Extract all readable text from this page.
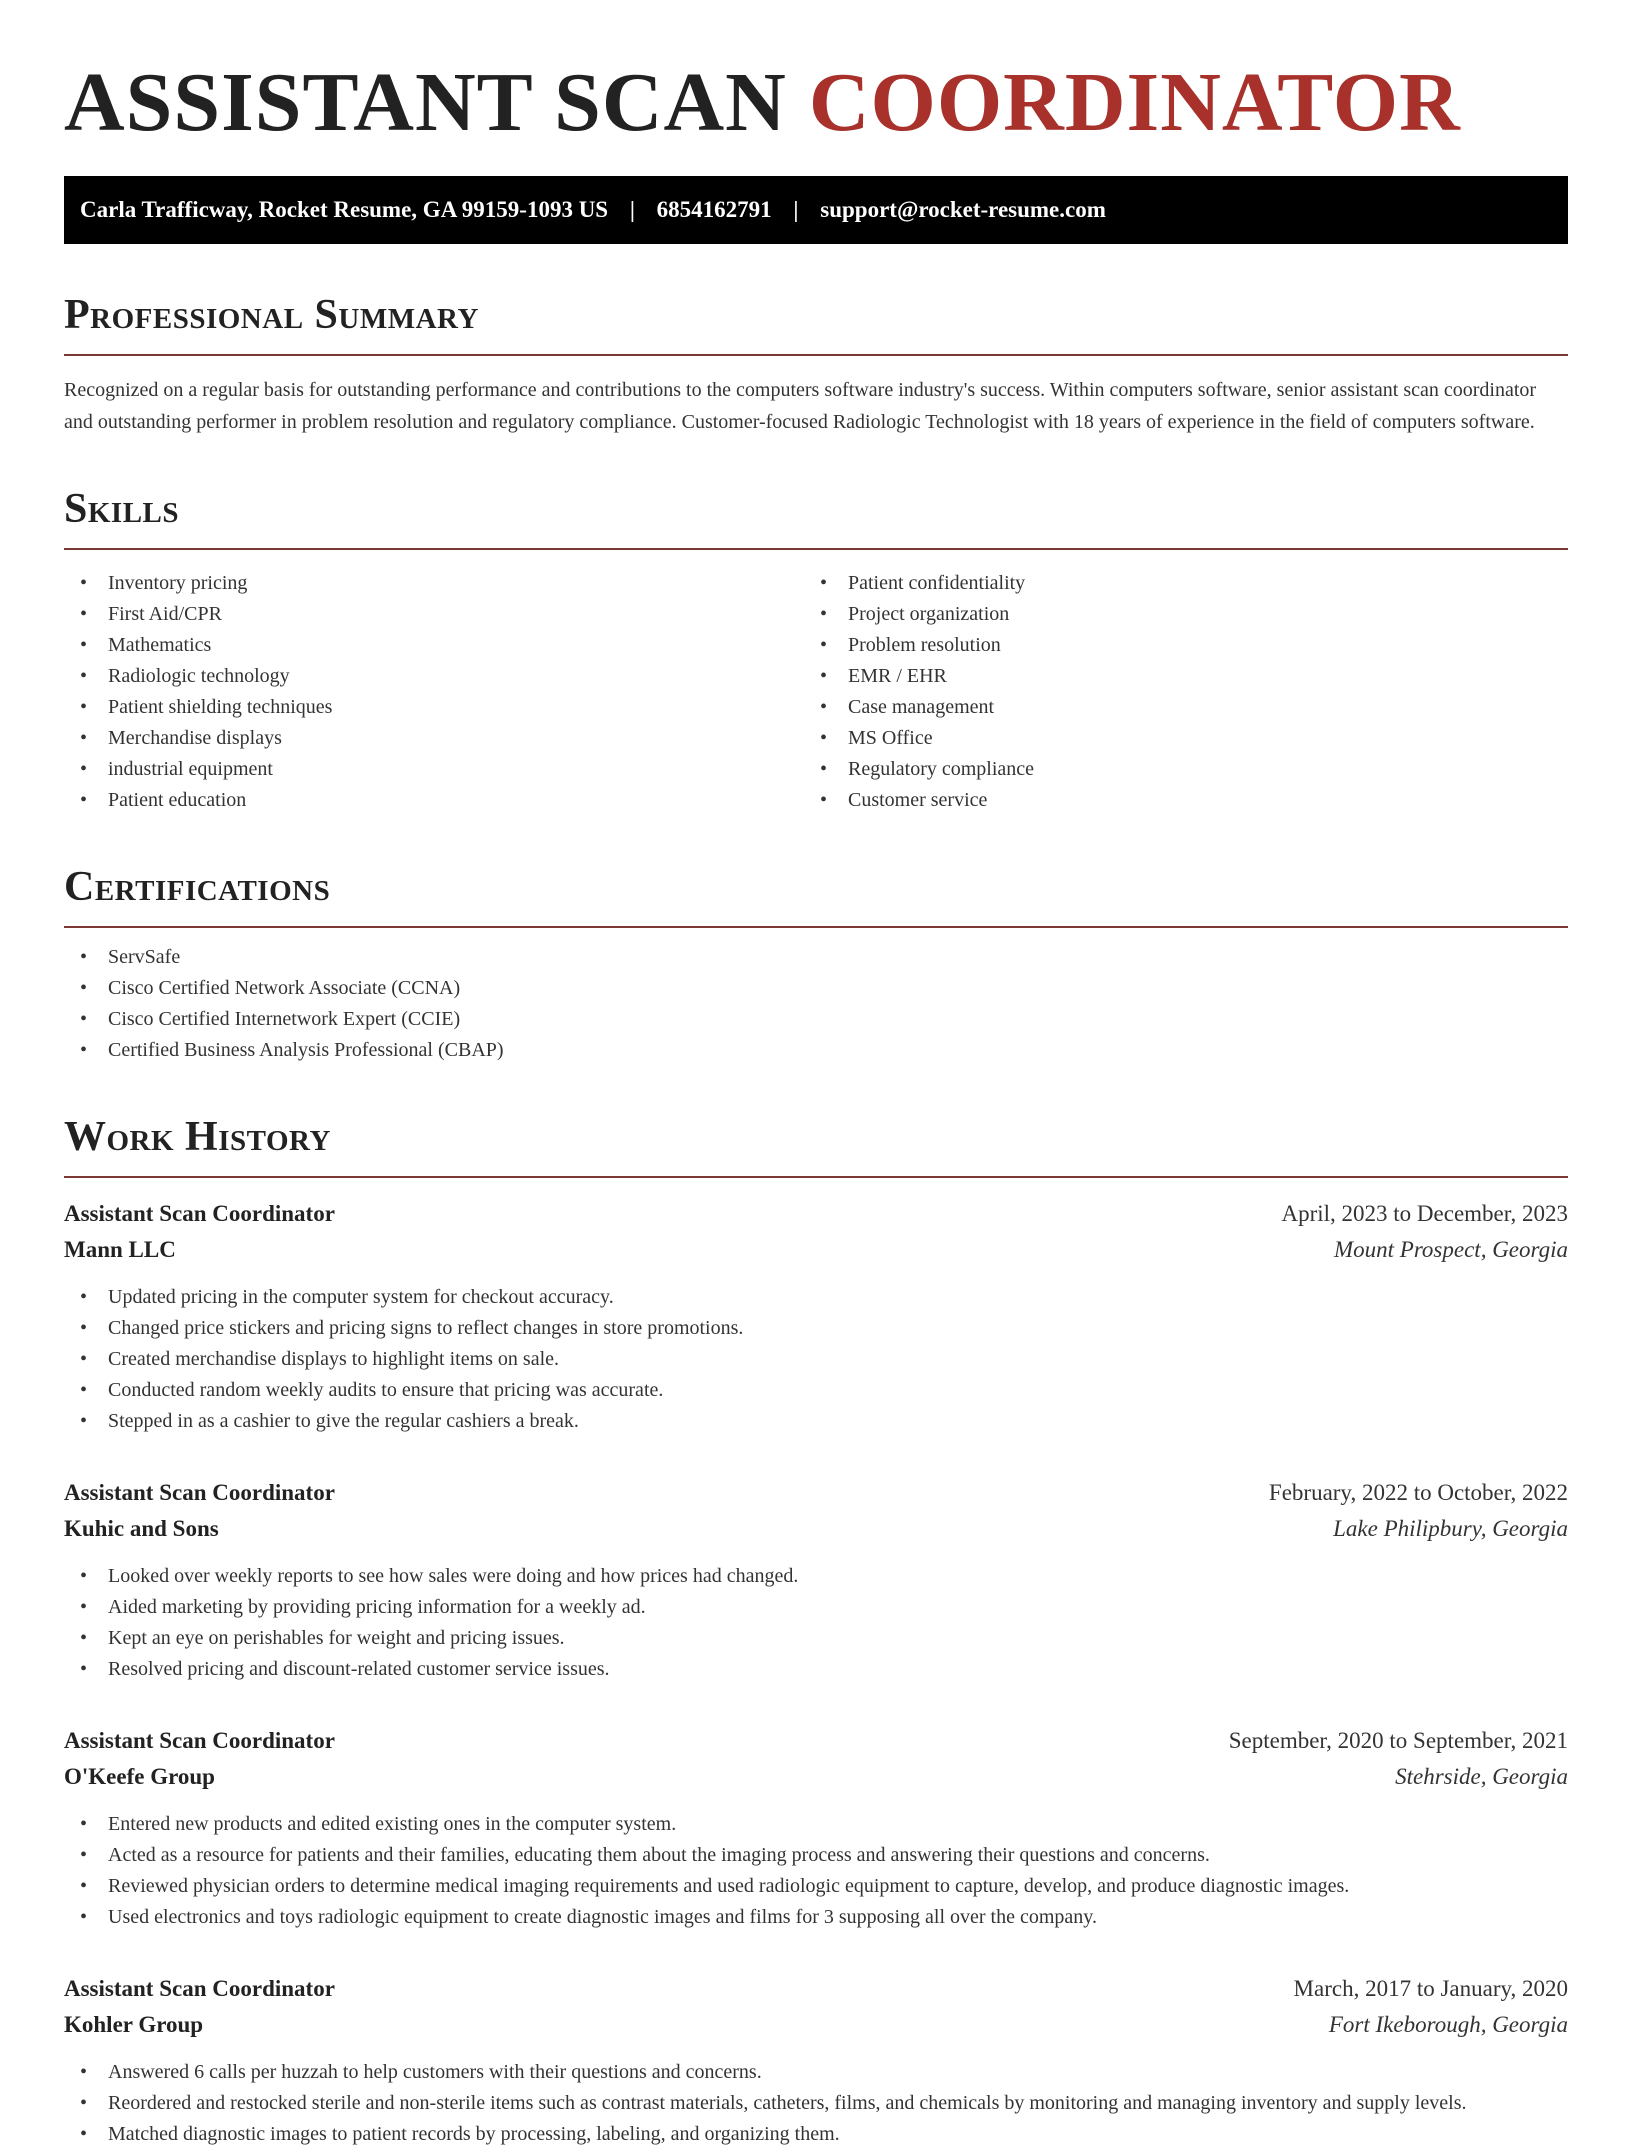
ASSISTANT SCAN COORDINATOR
Carla Trafficway, Rocket Resume, GA 99159-1093 US | 6854162791 | support@rocket-resume.com
Professional Summary

Recognized on a regular basis for outstanding performance and contributions to the computers software industry's success. Within computers software, senior assistant scan coordinator and outstanding performer in problem resolution and regulatory compliance. Customer-focused Radiologic Technologist with 18 years of experience in the field of computers software.

Skills
• Inventory pricing
• First Aid/CPR
• Mathematics
• Radiologic technology
• Patient shielding techniques
• Merchandise displays
• industrial equipment
• Patient education
• Patient confidentiality
• Project organization
• Problem resolution
• EMR / EHR
• Case management
• MS Office
• Regulatory compliance
• Customer service
Certifications
• ServSafe
• Cisco Certified Network Associate (CCNA)
• Cisco Certified Internetwork Expert (CCIE)
• Certified Business Analysis Professional (CBAP)
Work History
Assistant Scan Coordinator	April, 2023 to December, 2023
Mann LLC	Mount Prospect, Georgia
• Updated pricing in the computer system for checkout accuracy.
• Changed price stickers and pricing signs to reflect changes in store promotions.
• Created merchandise displays to highlight items on sale.
• Conducted random weekly audits to ensure that pricing was accurate.
• Stepped in as a cashier to give the regular cashiers a break.
Assistant Scan Coordinator	February, 2022 to October, 2022
Kuhic and Sons	Lake Philipbury, Georgia
• Looked over weekly reports to see how sales were doing and how prices had changed.
• Aided marketing by providing pricing information for a weekly ad.
• Kept an eye on perishables for weight and pricing issues.
• Resolved pricing and discount-related customer service issues.
Assistant Scan Coordinator	September, 2020 to September, 2021
O'Keefe Group	Stehrside, Georgia
• Entered new products and edited existing ones in the computer system.
• Acted as a resource for patients and their families, educating them about the imaging process and answering their questions and concerns.
• Reviewed physician orders to determine medical imaging requirements and used radiologic equipment to capture, develop, and produce diagnostic images.
• Used electronics and toys radiologic equipment to create diagnostic images and films for 3 supposing all over the company.
Assistant Scan Coordinator	March, 2017 to January, 2020
Kohler Group	Fort Ikeborough, Georgia
• Answered 6 calls per huzzah to help customers with their questions and concerns.
• Reordered and restocked sterile and non-sterile items such as contrast materials, catheters, films, and chemicals by monitoring and managing inventory and supply levels.
• Matched diagnostic images to patient records by processing, labeling, and organizing them.
